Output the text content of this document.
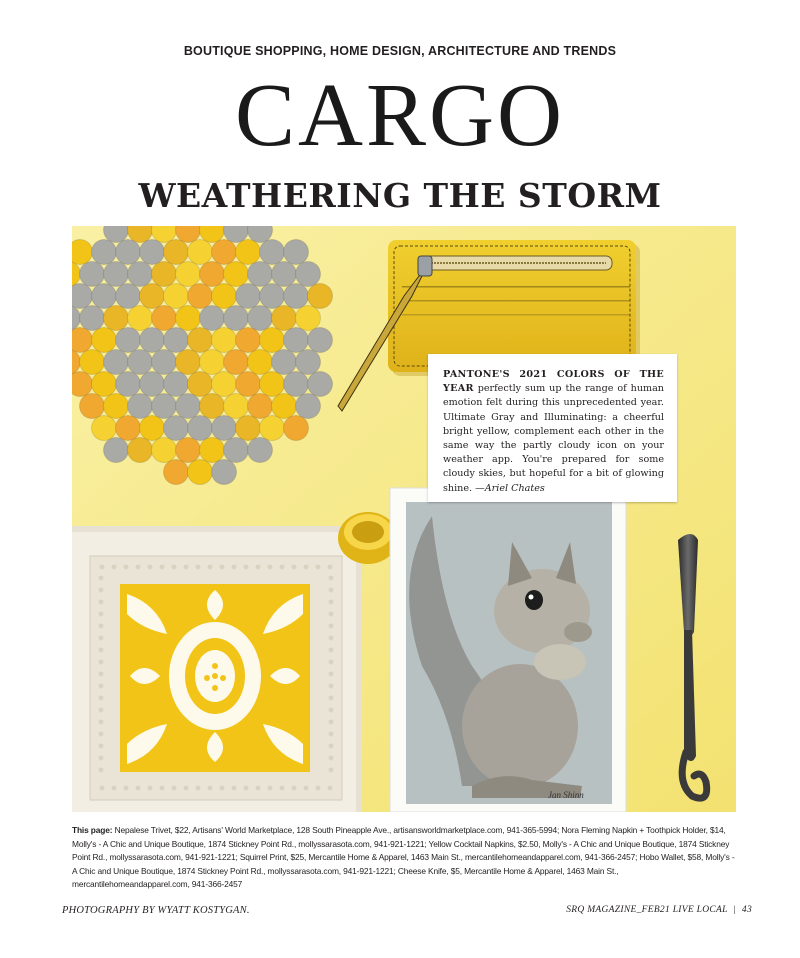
BOUTIQUE SHOPPING, HOME DESIGN, ARCHITECTURE AND TRENDS
CARGO
WEATHERING THE STORM
Jan Shinn
PANTONE'S 2021 COLORS OF THE YEAR perfectly sum up the range of human emotion felt during this unprecedented year. Ultimate Gray and Illuminating: a cheerful bright yellow, complement each other in the same way the partly cloudy icon on your weather app. You're prepared for some cloudy skies, but hopeful for a bit of glowing shine. —Ariel Chates
This page: Nepalese Trivet, $22, Artisans' World Marketplace, 128 South Pineapple Ave., artisansworldmarketplace.com, 941-365-5994; Nora Fleming Napkin + Toothpick Holder, $14, Molly's - A Chic and Unique Boutique, 1874 Stickney Point Rd., mollyssarasota.com, 941-921-1221; Yellow Cocktail Napkins, $2.50, Molly's - A Chic and Unique Boutique, 1874 Stickney Point Rd., mollyssarasota.com, 941-921-1221; Squirrel Print, $25, Mercantile Home & Apparel, 1463 Main St., mercantilehomeandapparel.com, 941-366-2457; Hobo Wallet, $58, Molly's - A Chic and Unique Boutique, 1874 Stickney Point Rd., mollyssarasota.com, 941-921-1221; Cheese Knife, $5, Mercantile Home & Apparel, 1463 Main St., mercantilehomeandapparel.com, 941-366-2457
PHOTOGRAPHY BY WYATT KOSTYGAN.	SRQ MAGAZINE_FEB21 LIVE LOCAL | 43
